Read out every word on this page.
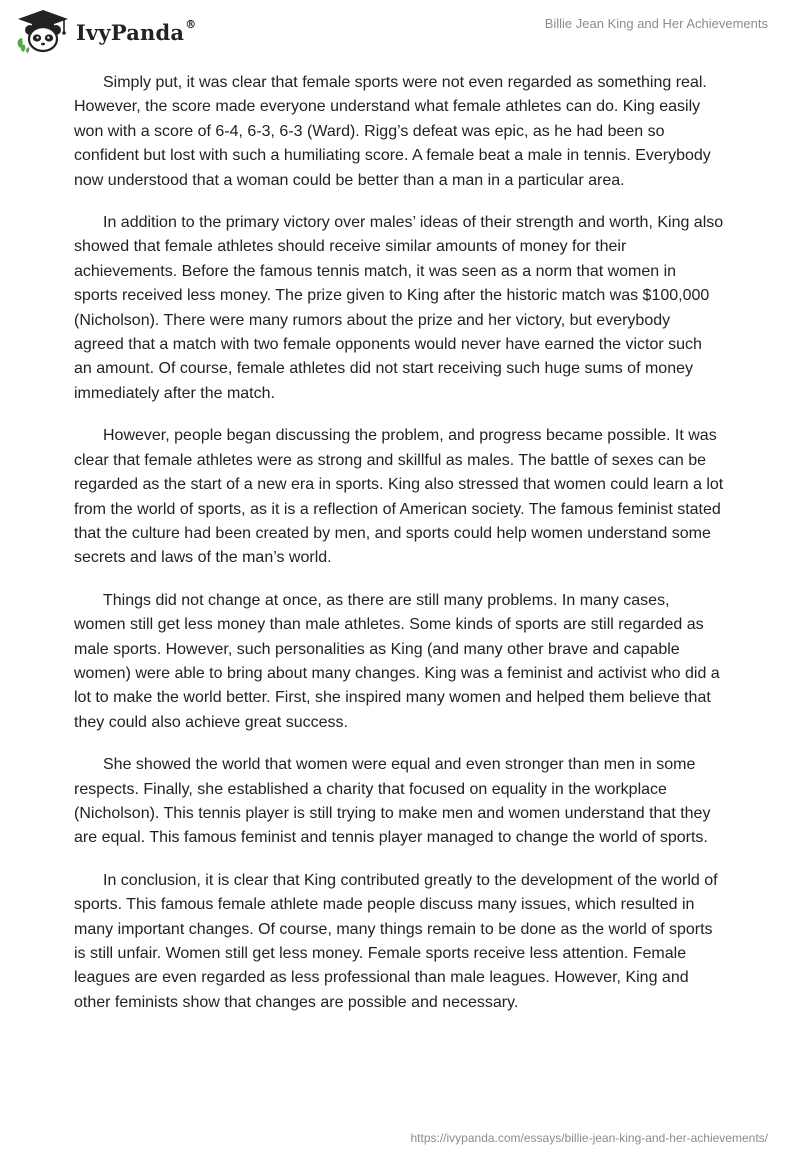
IvyPanda®	Billie Jean King and Her Achievements

Simply put, it was clear that female sports were not even regarded as something real. However, the score made everyone understand what female athletes can do. King easily won with a score of 6-4, 6-3, 6-3 (Ward). Rigg’s defeat was epic, as he had been so confident but lost with such a humiliating score. A female beat a male in tennis. Everybody now understood that a woman could be better than a man in a particular area.

In addition to the primary victory over males’ ideas of their strength and worth, King also showed that female athletes should receive similar amounts of money for their achievements. Before the famous tennis match, it was seen as a norm that women in sports received less money. The prize given to King after the historic match was $100,000 (Nicholson). There were many rumors about the prize and her victory, but everybody agreed that a match with two female opponents would never have earned the victor such an amount. Of course, female athletes did not start receiving such huge sums of money immediately after the match.

However, people began discussing the problem, and progress became possible. It was clear that female athletes were as strong and skillful as males. The battle of sexes can be regarded as the start of a new era in sports. King also stressed that women could learn a lot from the world of sports, as it is a reflection of American society. The famous feminist stated that the culture had been created by men, and sports could help women understand some secrets and laws of the man’s world.

Things did not change at once, as there are still many problems. In many cases, women still get less money than male athletes. Some kinds of sports are still regarded as male sports. However, such personalities as King (and many other brave and capable women) were able to bring about many changes. King was a feminist and activist who did a lot to make the world better. First, she inspired many women and helped them believe that they could also achieve great success.

She showed the world that women were equal and even stronger than men in some respects. Finally, she established a charity that focused on equality in the workplace (Nicholson). This tennis player is still trying to make men and women understand that they are equal. This famous feminist and tennis player managed to change the world of sports.

In conclusion, it is clear that King contributed greatly to the development of the world of sports. This famous female athlete made people discuss many issues, which resulted in many important changes. Of course, many things remain to be done as the world of sports is still unfair. Women still get less money. Female sports receive less attention. Female leagues are even regarded as less professional than male leagues. However, King and other feminists show that changes are possible and necessary.

https://ivypanda.com/essays/billie-jean-king-and-her-achievements/
